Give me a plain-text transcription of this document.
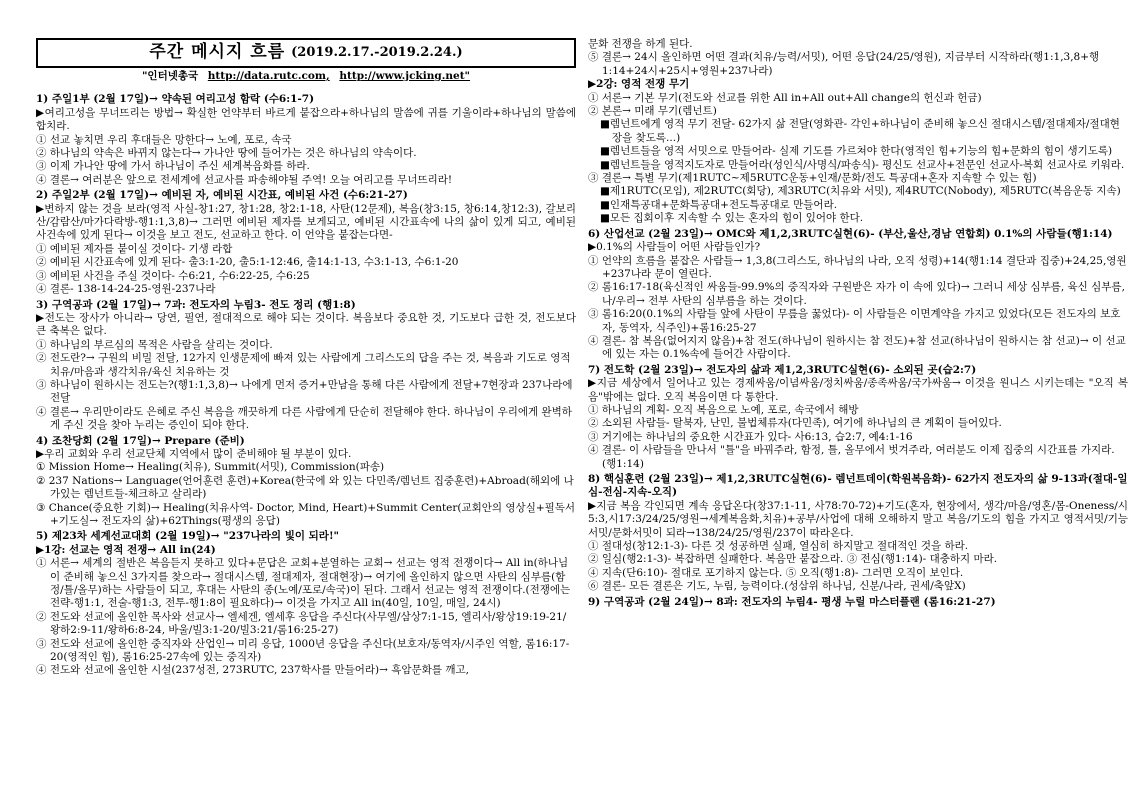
주간 메시지 흐름 (2019.2.17.-2019.2.24.)
"인터넷총국 http://data.rutc.com, http://www.jcking.net"
1) 주일1부 (2월 17일)→ 약속된 여리고성 함락 (수6:1-7)
▶여리고성을 무너뜨리는 방법→ 확실한 언약부터 바르게 붙잡으라+하나님의 말씀에 귀를 기울이라+하나님의 말씀에 합치라.
① 선교 놓치면 우리 후대들은 망한다→ 노예, 포로, 속국
② 하나님의 약속은 바뀌지 않는다→ 가나안 땅에 들어가는 것은 하나님의 약속이다.
③ 이제 가나안 땅에 가서 하나님이 주신 세계복음화를 하라.
④ 결론→ 여러분은 앞으로 전세계에 선교사를 파송해야될 주역! 오늘 여리고를 무너뜨리라!
2) 주일2부 (2월 17일)→ 예비된 자, 예비된 시간표, 예비된 사건 (수6:21-27)
▶변하지 않는 것을 보라(영적 사실-창1:27, 창1:28, 창2:1-18, 사탄(12문제), 복음(창3:15, 창6:14,창12:3), 갈보리산/감람산/마가다락방-행1:1,3,8)→ 그러면 예비된 제자를 보게되고, 예비된 시간표속에 나의 삶이 있게 되고, 예비된 사건속에 있게 된다→ 이것을 보고 전도, 선교하고 한다. 이 언약을 붙잡는다면-
① 예비된 제자를 붙이실 것이다- 기생 라합
② 예비된 시간표속에 있게 된다- 출3:1-20, 출5:1-12:46, 출14:1-13, 수3:1-13, 수6:1-20
③ 예비된 사건을 주실 것이다- 수6:21, 수6:22-25, 수6:25
④ 결론- 138-14-24-25-영원-237나라
3) 구역공과 (2월 17일)→ 7과: 전도자의 누림3- 전도 정리 (행1:8)
▶전도는 장사가 아니라→ 당연, 필연, 절대적으로 해야 되는 것이다. 복음보다 중요한 것, 기도보다 급한 것, 전도보다 큰 축복은 없다.
① 하나님의 부르심의 목적은 사람을 살리는 것이다.
② 전도란?→ 구원의 비밀 전달, 12가지 인생문제에 빠져 있는 사람에게 그리스도의 답을 주는 것, 복음과 기도로 영적치유/마음과 생각치유/육신 치유하는 것
③ 하나님이 원하시는 전도는?(행1:1,3,8)→ 나에게 먼저 증거+만남을 통해 다른 사람에게 전달+7현장과 237나라에 전달
④ 결론→ 우리만이라도 은혜로 주신 복음을 깨끗하게 다른 사람에게 단순히 전달해야 한다. 하나님이 우리에게 완벽하게 주신 것을 찾아 누리는 증인이 되야 한다.
4) 조찬당회 (2월 17일)→ Prepare (준비)
▶우리 교회와 우리 선교단체 지역에서 많이 준비해야 될 부분이 있다.
① Mission Home→ Healing(치유), Summit(서밋), Commission(파송)
② 237 Nations→ Language(언어훈련 훈련)+Korea(한국에 와 있는 다민족/렘넌트 집중훈련)+Abroad(해외에 나가있는 렘넌트들-체크하고 살리라)
③ Chance(중요한 기회)→ Healing(치유사역- Doctor, Mind, Heart)+Summit Center(교회안의 영상실+필독서+기도실→ 전도자의 삶)+62Things(평생의 응답)
5) 제23차 세계선교대회 (2월 19일)→ "237나라의 빛이 되라!"
▶1강: 선교는 영적 전쟁→ All in(24)
① 서론→ 세계의 절반은 복음듣지 못하고 있다+문답은 교회+분열하는 교회→ 선교는 영적 전쟁이다→ All in(하나님이 준비해 놓으신 3가지를 찾으라→ 절대시스템, 절대제자, 절대현장)→ 여기에 올인하지 않으면 사탄의 심부름(함정/틀/올무)하는 사람들이 되고, 후대는 사탄의 종(노예/포로/속국)이 된다. 그래서 선교는 영적 전쟁이다.(전쟁에는 전략-행1:1, 전술-행1:3, 전투-행1:8이 필요하다)→ 이것을 가지고 All in(40일, 10일, 매일, 24시)
② 전도와 선교에 올인한 목사와 선교사→ 엘세겐, 엘세후 응답을 주신다(사무엘/삼상7:1-15, 엘리사/왕상19:19-21/왕하2:9-11/왕하6:8-24, 바울/빌3:1-20/빌3:21/롬16:25-27)
③ 전도와 선교에 올인한 중직자와 산업인→ 미리 응답, 1000년 응답을 주신다(보호자/동역자/시주인 역할, 롬16:17-20(영적인 힘), 롬16:25-27속에 있는 중직자)
④ 전도와 선교에 올인한 시설(237성전, 273RUTC, 237학사를 만들어라)→ 흑암문화를 깨고,
문화 전쟁을 하게 된다.
⑤ 결론→ 24시 올인하면 어떤 결과(치유/능력/서밋), 어떤 응답(24/25/영원), 지금부터 시작하라(행1:1,3,8+행1:14+24시+25시+영원+237나라)
▶2강: 영적 전쟁 무기
① 서론→ 기본 무기(전도와 선교를 위한 All in+All out+All change의 헌신과 헌금)
② 본론→ 미래 무기(렘넌트)
■렘넌트에게 영적 무기 전달- 62가지 삶 전달(영화관- 각인+하나님이 준비해 놓으신 절대시스템/절대제자/절대현장을 찾도록...)
■렘넌트들을 영적 서밋으로 만들어라- 실제 기도를 가르쳐야 한다(영적인 힘+기능의 힘+문화의 힘이 생기도록)
■렘넌트들을 영적지도자로 만들어라(성인식/사명식/파송식)- 평신도 선교사+전문인 선교사-복회 선교사로 키워라.
③ 결론→ 특별 무기(제1RUTC~제5RUTC운동+인재/문화/전도 특공대+혼자 지속할 수 있는 힘)
■제1RUTC(모임), 제2RUTC(회당), 제3RUTC(치유와 서밋), 제4RUTC(Nobody), 제5RUTC(복음운동 지속)
■인재특공대+문화특공대+전도특공대로 만들어라.
■모든 집회이후 지속할 수 있는 혼자의 힘이 있어야 한다.
6) 산업선교 (2월 23일)→ OMC와 제1,2,3RUTC실현(6)- (부산,울산,경남 연합회) 0.1%의 사람들(행1:14)
▶0.1%의 사람들이 어떤 사람들인가?
① 언약의 흐름을 붙잡은 사람들→ 1,3,8(그리스도, 하나님의 나라, 오직 성령)+14(행1:14 결단과 집중)+24,25,영원+237나라 문이 열린다.
② 롬16:17-18(육신적인 싸움들-99.9%의 중직자와 구원받은 자가 이 속에 있다)→ 그러니 세상 심부름, 육신 심부름, 나/우리→ 전부 사탄의 심부름을 하는 것이다.
③ 롬16:20(0.1%의 사람들 앞에 사탄이 무릎을 꿇었다)- 이 사람들은 이면계약을 가지고 있었다(모든 전도자의 보호자, 동역자, 식주인)+롬16:25-27
④ 결론- 참 복음(없어지지 않음)+참 전도(하나님이 원하시는 참 전도)+참 선교(하나님이 원하시는 참 선교)→ 이 선교에 있는 자는 0.1%속에 들어간 사람이다.
7) 전도학 (2월 23일)→ 전도자의 삶과 제1,2,3RUTC실현(6)- 소외된 곳(습2:7)
▶지금 세상에서 일어나고 있는 경제싸움/이념싸움/정치싸움/종족싸움/국가싸움→ 이것을 원니스 시키는데는 "오직 복음"밖에는 없다. 오직 복음이면 다 통한다.
① 하나님의 계획- 오직 복음으로 노예, 포로, 속국에서 해방
② 소외된 사람들- 탈북자, 난민, 불법체류자(다민족), 여기에 하나님의 큰 계획이 들어있다.
③ 거기에는 하나님의 중요한 시간표가 있다- 사6:13, 습2:7, 예4:1-16
④ 결론- 이 사람들을 만나서 "틀"을 바꿔주라, 함정, 틀, 올무에서 벗겨주라, 여러분도 이제 집중의 시간표를 가지라.(행1:14)
8) 핵심훈련 (2월 23일)→ 제1,2,3RUTC실현(6)- 렘넌트데이(학원복음화)- 62가지 전도자의 삶 9-13과(절대-일심-전심-지속-오직)
▶지금 복음 각인되면 계속 응답온다(창37:1-11, 사78:70-72)+기도(혼자, 현장에서, 생각/마음/영혼/몸-Oneness/시5:3,시17:3/24/25/영원→세계복음화,치유)+공부/사업에 대해 오해하지 말고 복음/기도의 힘을 가지고 영적서밋/기능서밋/문화서밋이 되라→138/24/25/영원/237이 따라온다.
① 절대성(창12:1-3)- 다른 것 성공하면 실패, 열심히 하지말고 절대적인 것을 하라.
② 일심(행2:1-3)- 복잡하면 실패한다. 복음만 붙잡으라. ③ 전심(행1:14)- 대충하지 마라.
④ 지속(단6:10)- 절대로 포기하지 않는다. ⑤ 오직(행1:8)- 그러면 오직이 보인다.
⑥ 결론- 모든 결론은 기도, 누림, 능력이다.(성삼위 하나님, 신분/나라, 권세/축앞X)
9) 구역공과 (2월 24일)→ 8과: 전도자의 누림4- 평생 누릴 마스터플랜 (롬16:21-27)
